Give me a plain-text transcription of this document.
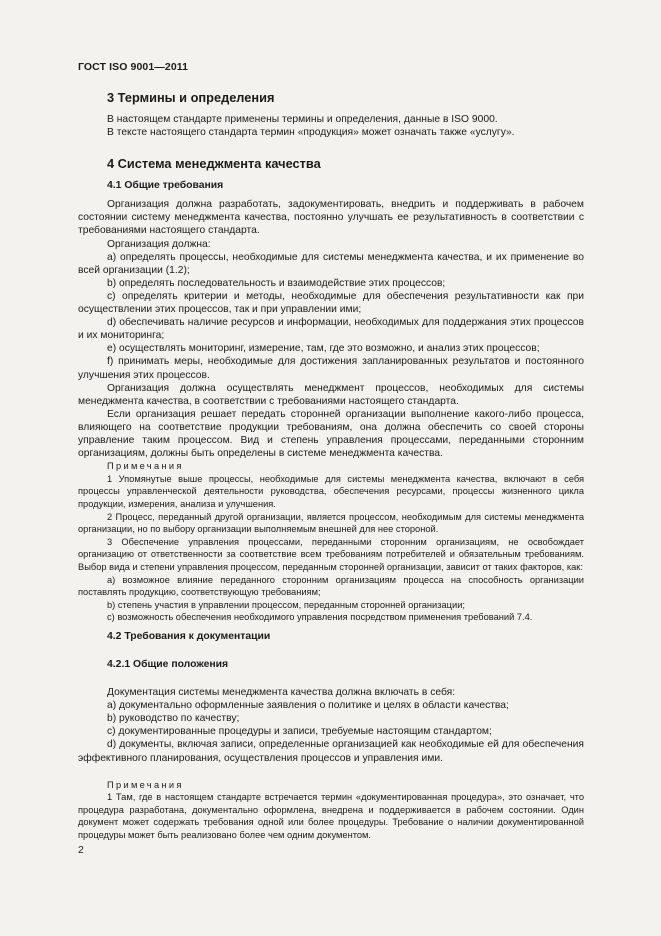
ГОСТ ISO 9001—2011
3 Термины и определения

В настоящем стандарте применены термины и определения, данные в ISO 9000.

В тексте настоящего стандарта термин «продукция» может означать также «услугу».

4 Система менеджмента качества
4.1 Общие требования

Организация должна разработать, задокументировать, внедрить и поддерживать в рабочем состоянии систему менеджмента качества, постоянно улучшать ее результативность в соответствии с требованиями настоящего стандарта.

Организация должна:

a) определять процессы, необходимые для системы менеджмента качества, и их применение во всей организации (1.2);

b) определять последовательность и взаимодействие этих процессов;

c) определять критерии и методы, необходимые для обеспечения результативности как при осуществлении этих процессов, так и при управлении ими;

d) обеспечивать наличие ресурсов и информации, необходимых для поддержания этих процессов и их мониторинга;

e) осуществлять мониторинг, измерение, там, где это возможно, и анализ этих процессов;

f) принимать меры, необходимые для достижения запланированных результатов и постоянного улучшения этих процессов.

Организация должна осуществлять менеджмент процессов, необходимых для системы менеджмента качества, в соответствии с требованиями настоящего стандарта.

Если организация решает передать сторонней организации выполнение какого-либо процесса, влияющего на соответствие продукции требованиям, она должна обеспечить со своей стороны управление таким процессом. Вид и степень управления процессами, переданными сторонним организациям, должны быть определены в системе менеджмента качества.

Примечания

1 Упомянутые выше процессы, необходимые для системы менеджмента качества, включают в себя процессы управленческой деятельности руководства, обеспечения ресурсами, процессы жизненного цикла продукции, измерения, анализа и улучшения.

2 Процесс, переданный другой организации, является процессом, необходимым для системы менеджмента организации, но по выбору организации выполняемым внешней для нее стороной.

3 Обеспечение управления процессами, переданными сторонним организациям, не освобождает организацию от ответственности за соответствие всем требованиям потребителей и обязательным требованиям. Выбор вида и степени управления процессом, переданным сторонней организации, зависит от таких факторов, как:

a) возможное влияние переданного сторонним организациям процесса на способность организации поставлять продукцию, соответствующую требованиям;

b) степень участия в управлении процессом, переданным сторонней организации;

c) возможность обеспечения необходимого управления посредством применения требований 7.4.

4.2 Требования к документации
4.2.1 Общие положения

Документация системы менеджмента качества должна включать в себя:

a) документально оформленные заявления о политике и целях в области качества;

b) руководство по качеству;

c) документированные процедуры и записи, требуемые настоящим стандартом;

d) документы, включая записи, определенные организацией как необходимые ей для обеспечения эффективного планирования, осуществления процессов и управления ими.

Примечания

1 Там, где в настоящем стандарте встречается термин «документированная процедура», это означает, что процедура разработана, документально оформлена, внедрена и поддерживается в рабочем состоянии. Один документ может содержать требования одной или более процедуры. Требование о наличии документированной процедуры может быть реализовано более чем одним документом.

2
